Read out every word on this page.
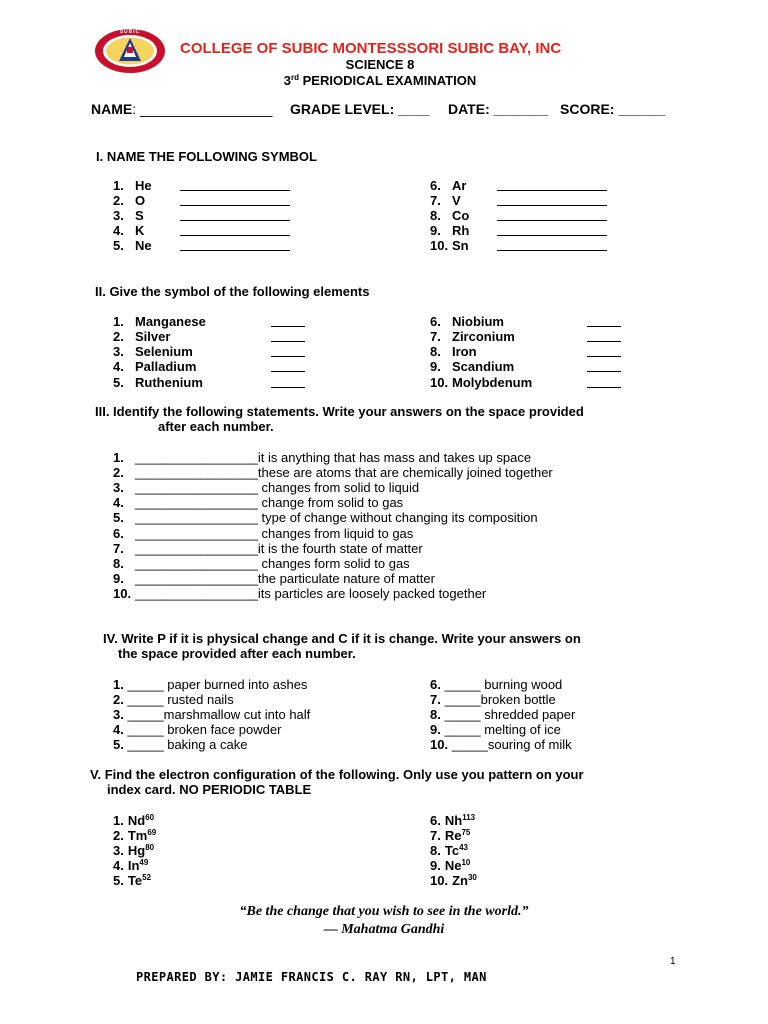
SUBIC
COLLEGE OF SUBIC MONTESSSORI SUBIC BAY, INC
SCIENCE 8
3rd PERIODICAL EXAMINATION
NAME: _________________ GRADE LEVEL: ____ DATE: _______ SCORE: ______
I. NAME THE FOLLOWING SYMBOL
1. He
2. O
3. S
4. K
5. Ne
6. Ar
7. V
8. Co
9. Rh
10. Sn
II. Give the symbol of the following elements
1. Manganese
2. Silver
3. Selenium
4. Palladium
5. Ruthenium
6. Niobium
7. Zirconium
8. Iron
9. Scandium
10. Molybdenum
III. Identify the following statements. Write your answers on the space provided
after each number.
1. _________________it is anything that has mass and takes up space
2. _________________these are atoms that are chemically joined together
3. _________________ changes from solid to liquid
4. _________________ change from solid to gas
5. _________________ type of change without changing its composition
6. _________________ changes from liquid to gas
7. _________________it is the fourth state of matter
8. _________________ changes form solid to gas
9. _________________the particulate nature of matter
10. _________________its particles are loosely packed together
IV. Write P if it is physical change and C if it is change. Write your answers on
the space provided after each number.
1. _____ paper burned into ashes
2. _____ rusted nails
3. _____marshmallow cut into half
4. _____ broken face powder
5. _____ baking a cake
6. _____ burning wood
7. _____broken bottle
8. _____ shredded paper
9. _____ melting of ice
10. _____souring of milk
V. Find the electron configuration of the following. Only use you pattern on your
index card. NO PERIODIC TABLE
1. Nd$^{60}$
2. Tm$^{69}$
3. Hg$^{80}$
4. In$^{49}$
5. Te$^{52}$
6. Nh$^{113}$
7. Re$^{75}$
8. Tc$^{43}$
9. Ne$^{10}$
10. Zn$^{30}$
“Be the change that you wish to see in the world.”
— Mahatma Gandhi
1
PREPARED BY: JAMIE FRANCIS C. RAY RN, LPT, MAN
